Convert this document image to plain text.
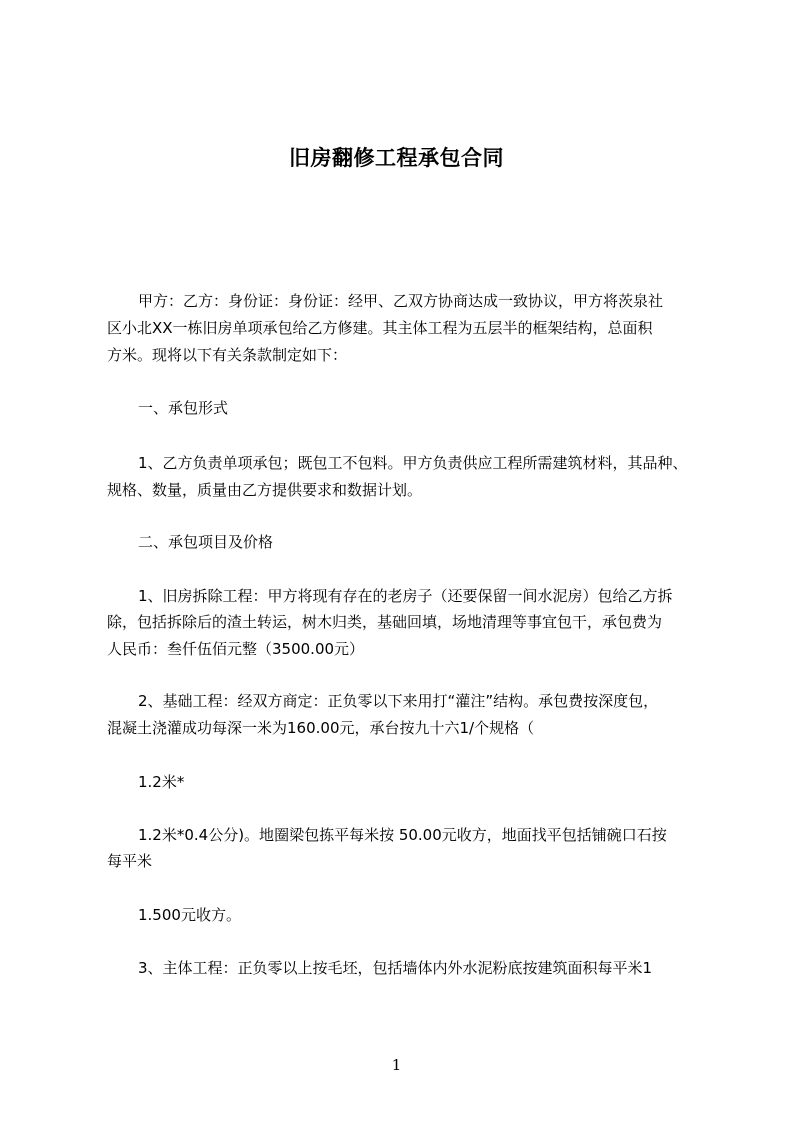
旧房翻修工程承包合同
甲方：乙方：身份证：身份证：经甲、乙双方协商达成一致协议，甲方将茨泉社
区小北XX一栋旧房单项承包给乙方修建。其主体工程为五层半的框架结构，总面积
方米。现将以下有关条款制定如下：
一、承包形式
1、乙方负责单项承包；既包工不包料。甲方负责供应工程所需建筑材料，其品种、
规格、数量，质量由乙方提供要求和数据计划。
二、承包项目及价格
1、旧房拆除工程：甲方将现有存在的老房子（还要保留一间水泥房）包给乙方拆
除，包括拆除后的渣土转运，树木归类，基础回填，场地清理等事宜包干，承包费为
人民币：叁仟伍佰元整（3500.00元）
2、基础工程：经双方商定：正负零以下来用打“灌注”结构。承包费按深度包，
混凝土浇灌成功每深一米为160.00元，承台按九十六1/个规格（
1.2米*
1.2米*0.4公分)。地圈梁包拣平每米按 50.00元收方，地面找平包括铺碗口石按
每平米
1.500元收方。
3、主体工程：正负零以上按毛坯，包括墙体内外水泥粉底按建筑面积每平米1
1
